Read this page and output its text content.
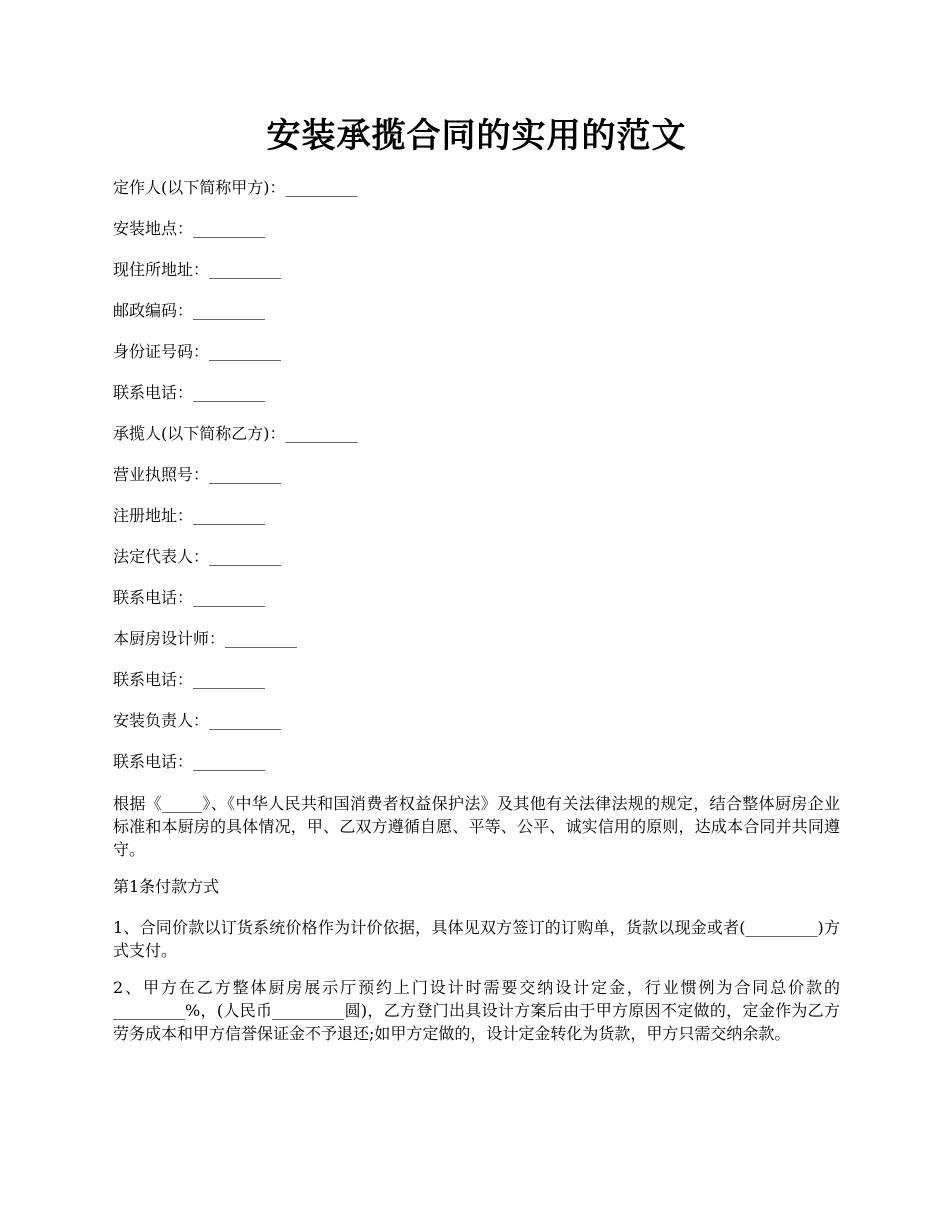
安装承揽合同的实用的范文
定作人(以下简称甲方)：_________
安装地点：_________
现住所地址：_________
邮政编码：_________
身份证号码：_________
联系电话：_________
承揽人(以下简称乙方)：_________
营业执照号：_________
注册地址：_________
法定代表人：_________
联系电话：_________
本厨房设计师：_________
联系电话：_________
安装负责人：_________
联系电话：_________

根据《_____》、《中华人民共和国消费者权益保护法》及其他有关法律法规的规定，结合整体厨房企业标准和本厨房的具体情况，甲、乙双方遵循自愿、平等、公平、诚实信用的原则，达成本合同并共同遵守。

第1条付款方式

1、合同价款以订货系统价格作为计价依据，具体见双方签订的订购单，货款以现金或者(_________)方式支付。

2、甲方在乙方整体厨房展示厅预约上门设计时需要交纳设计定金，行业惯例为合同总价款的_________%，(人民币_________圆)，乙方登门出具设计方案后由于甲方原因不定做的，定金作为乙方劳务成本和甲方信誉保证金不予退还;如甲方定做的，设计定金转化为货款，甲方只需交纳余款。
